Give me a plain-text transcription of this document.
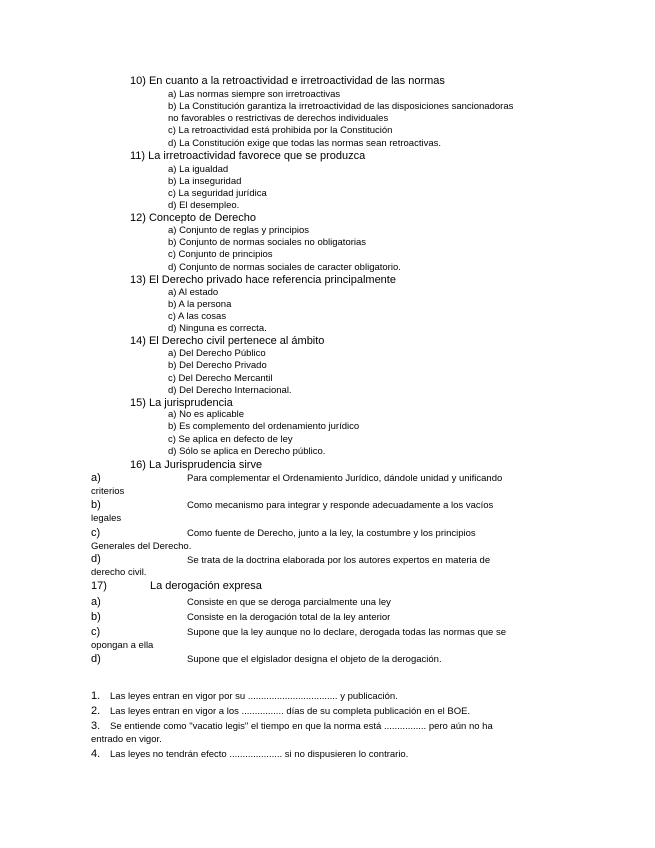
10) En cuanto a la retroactividad e irretroactividad de las normas
a) Las normas siempre son irretroactivas
b) La Constitución garantiza la irretroactividad de las disposiciones sancionadoras
no favorables o restrictivas de derechos individuales
c) La retroactividad está prohibida por la Constitución
d) La Constitución exige que todas las normas sean retroactivas.
11) La irretroactividad favorece que se produzca
a) La igualdad
b) La inseguridad
c) La seguridad jurídica
d) El desempleo.
12) Concepto de Derecho
a) Conjunto de reglas y principios
b) Conjunto de normas sociales no obligatorias
c) Conjunto de principios
d) Conjunto de normas sociales de caracter obligatorio.
13) El Derecho privado hace referencia principalmente
a) Al estado
b) A la persona
c) A las cosas
d) Ninguna es correcta.
14) El Derecho civil pertenece al ámbito
a) Del Derecho Público
b) Del Derecho Privado
c) Del Derecho Mercantil
d) Del Derecho Internacional.
15) La jurisprudencia
a) No es aplicable
b) Es complemento del ordenamiento jurídico
c) Se aplica en defecto de ley
d) Sólo se aplica en Derecho público.
16) La Jurisprudencia sirve
a)	Para complementar el Ordenamiento Jurídico, dándole unidad y unificando
criterios
b)	Como mecanismo para integrar y responde adecuadamente a los vacíos
legales
c)	Como fuente de Derecho, junto a la ley, la costumbre y los principios
Generales del Derecho.
d)	Se trata de la doctrina elaborada por los autores expertos en materia de
derecho civil.
17)	La derogación expresa
a)	Consiste en que se deroga parcialmente una ley
b)	Consiste en la derogación total de la ley anterior
c)	Supone que la ley aunque no lo declare, derogada todas las normas que se
opongan a ella
d)	Supone que el elgislador designa el objeto de la derogación.
1. Las leyes entran en vigor por su .................................. y publicación.
2. Las leyes entran en vigor a los ................ días de su completa publicación en el BOE.
3. Se entiende como "vacatio legis" el tiempo en que la norma está ................ pero aún no ha
entrado en vigor.
4. Las leyes no tendrán efecto .................... si no dispusieren lo contrario.
